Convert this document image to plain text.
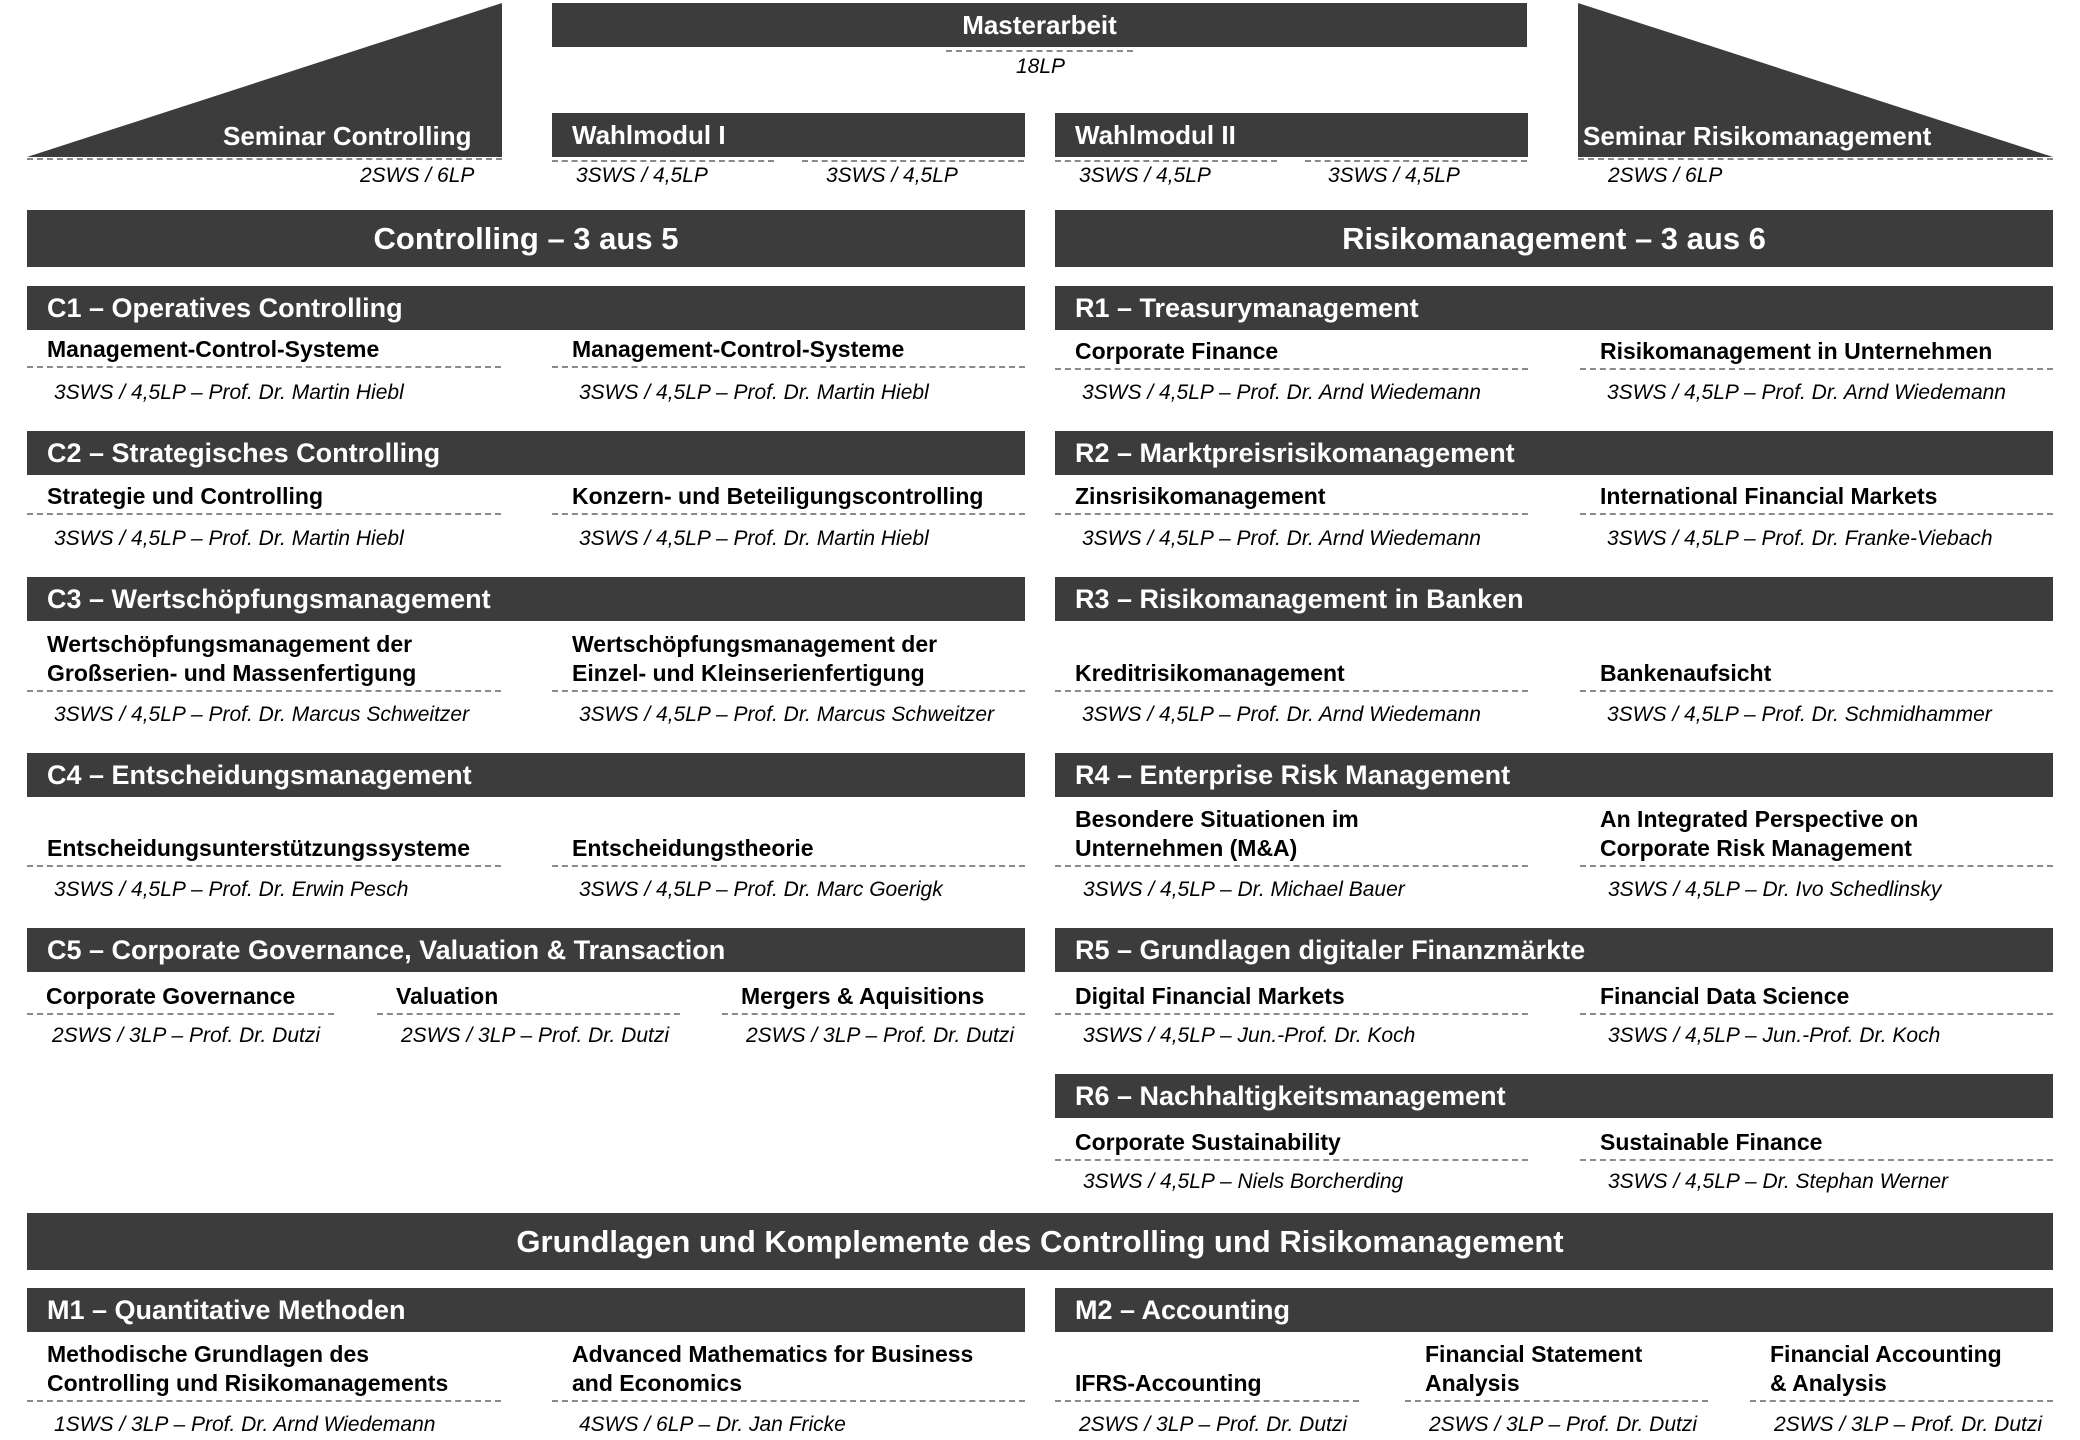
Seminar Controlling
2SWS / 6LP
Masterarbeit
18LP
Wahlmodul I
3SWS / 4,5LP	3SWS / 4,5LP
Wahlmodul II
3SWS / 4,5LP	3SWS / 4,5LP
Seminar Risikomanagement
2SWS / 6LP
Controlling – 3 aus 5	Risikomanagement – 3 aus 6
C1 – Operatives Controlling
Management-Control-Systeme
3SWS / 4,5LP – Prof. Dr. Martin Hiebl
Management-Control-Systeme
3SWS / 4,5LP – Prof. Dr. Martin Hiebl
C2 – Strategisches Controlling
Strategie und Controlling
3SWS / 4,5LP – Prof. Dr. Martin Hiebl
Konzern- und Beteiligungscontrolling
3SWS / 4,5LP – Prof. Dr. Martin Hiebl
C3 – Wertschöpfungsmanagement
Wertschöpfungsmanagement der
Großserien- und Massenfertigung
3SWS / 4,5LP – Prof. Dr. Marcus Schweitzer
Wertschöpfungsmanagement der
Einzel- und Kleinserienfertigung
3SWS / 4,5LP – Prof. Dr. Marcus Schweitzer
C4 – Entscheidungsmanagement
Entscheidungsunterstützungssysteme
3SWS / 4,5LP – Prof. Dr. Erwin Pesch
Entscheidungstheorie
3SWS / 4,5LP – Prof. Dr. Marc Goerigk
C5 – Corporate Governance, Valuation & Transaction
Corporate Governance
2SWS / 3LP – Prof. Dr. Dutzi
Valuation
2SWS / 3LP – Prof. Dr. Dutzi
Mergers & Aquisitions
2SWS / 3LP – Prof. Dr. Dutzi
R1 – Treasurymanagement
Corporate Finance
3SWS / 4,5LP – Prof. Dr. Arnd Wiedemann
Risikomanagement in Unternehmen
3SWS / 4,5LP – Prof. Dr. Arnd Wiedemann
R2 – Marktpreisrisikomanagement
Zinsrisikomanagement
3SWS / 4,5LP – Prof. Dr. Arnd Wiedemann
International Financial Markets
3SWS / 4,5LP – Prof. Dr. Franke-Viebach
R3 – Risikomanagement in Banken
Kreditrisikomanagement
3SWS / 4,5LP – Prof. Dr. Arnd Wiedemann
Bankenaufsicht
3SWS / 4,5LP – Prof. Dr. Schmidhammer
R4 – Enterprise Risk Management
Besondere Situationen im
Unternehmen (M&A)
3SWS / 4,5LP – Dr. Michael Bauer
An Integrated Perspective on
Corporate Risk Management
3SWS / 4,5LP – Dr. Ivo Schedlinsky
R5 – Grundlagen digitaler Finanzmärkte
Digital Financial Markets
3SWS / 4,5LP – Jun.-Prof. Dr. Koch
Financial Data Science
3SWS / 4,5LP – Jun.-Prof. Dr. Koch
R6 – Nachhaltigkeitsmanagement
Corporate Sustainability
3SWS / 4,5LP – Niels Borcherding
Sustainable Finance
3SWS / 4,5LP – Dr. Stephan Werner
Grundlagen und Komplemente des Controlling und Risikomanagement
M1 – Quantitative Methoden
Methodische Grundlagen des
Controlling und Risikomanagements
1SWS / 3LP – Prof. Dr. Arnd Wiedemann
Advanced Mathematics for Business
and Economics
4SWS / 6LP – Dr. Jan Fricke
M2 – Accounting
IFRS-Accounting
2SWS / 3LP – Prof. Dr. Dutzi
Financial Statement
Analysis
2SWS / 3LP – Prof. Dr. Dutzi
Financial Accounting
& Analysis
2SWS / 3LP – Prof. Dr. Dutzi
